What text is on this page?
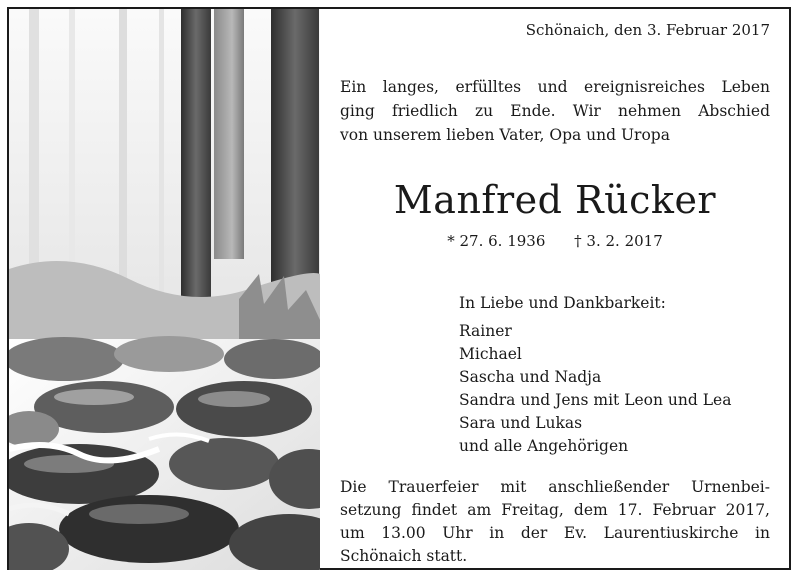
Schönaich, den 3. Februar 2017

Ein langes, erfülltes und ereignisreiches Leben
ging friedlich zu Ende. Wir nehmen Abschied
von unserem lieben Vater, Opa und Uropa

Manfred Rücker

* 27. 6. 1936 † 3. 2. 2017

In Liebe und Dankbarkeit:
Rainer
Michael
Sascha und Nadja
Sandra und Jens mit Leon und Lea
Sara und Lukas
und alle Angehörigen

Die Trauerfeier mit anschließender Urnenbei-
setzung findet am Freitag, dem 17. Februar 2017,
um 13.00 Uhr in der Ev. Laurentiuskirche in
Schönaich statt.
